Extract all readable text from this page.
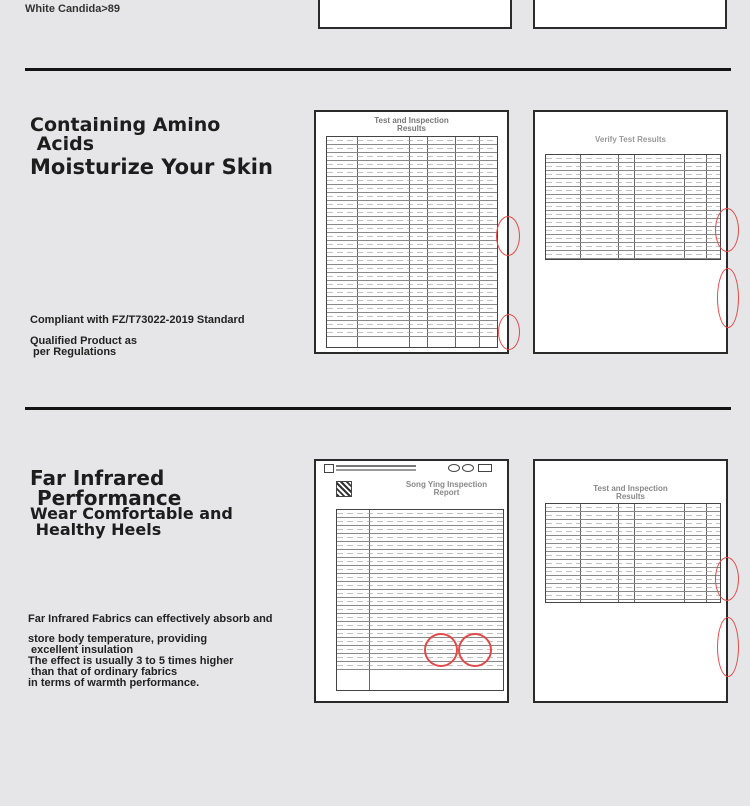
White Candida>89
Containing Amino
Acids
Moisturize Your Skin
Compliant with FZ/T73022-2019 Standard
Qualified Product as
per Regulations
Test and Inspection
Results
Verify Test Results
Far Infrared
Performance
Wear Comfortable and
Healthy Heels
Far Infrared Fabrics can effectively absorb and
store body temperature, providing
excellent insulation
The effect is usually 3 to 5 times higher
than that of ordinary fabrics
in terms of warmth performance.
Song Ying Inspection
Report	Test and Inspection
Results
